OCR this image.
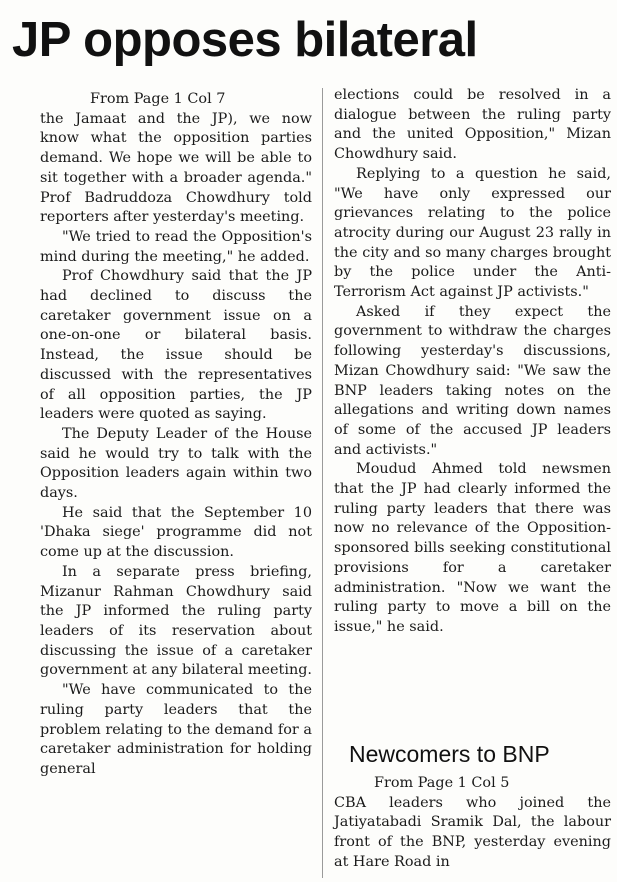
JP opposes bilateral

From Page 1 Col 7

the Jamaat and the JP), we now know what the opposition parties demand. We hope we will be able to sit together with a broader agenda." Prof Badruddoza Chowdhury told reporters after yesterday's meeting.

"We tried to read the Opposition's mind during the meeting," he added.

Prof Chowdhury said that the JP had declined to discuss the caretaker government issue on a one-on-one or bilateral basis. Instead, the issue should be discussed with the representatives of all opposition parties, the JP leaders were quoted as saying.

The Deputy Leader of the House said he would try to talk with the Opposition leaders again within two days.

He said that the September 10 'Dhaka siege' programme did not come up at the discussion.

In a separate press briefing, Mizanur Rahman Chowdhury said the JP informed the ruling party leaders of its reservation about discussing the issue of a caretaker government at any bilateral meeting.

"We have communicated to the ruling party leaders that the problem relating to the demand for a caretaker administration for holding general

elections could be resolved in a dialogue between the ruling party and the united Opposition," Mizan Chowdhury said.

Replying to a question he said, "We have only expressed our grievances relating to the police atrocity during our August 23 rally in the city and so many charges brought by the police under the Anti-Terrorism Act against JP activists."

Asked if they expect the government to withdraw the charges following yesterday's discussions, Mizan Chowdhury said: "We saw the BNP leaders taking notes on the allegations and writing down names of some of the accused JP leaders and activists."

Moudud Ahmed told newsmen that the JP had clearly informed the ruling party leaders that there was now no relevance of the Opposition-sponsored bills seeking constitutional provisions for a caretaker administration. "Now we want the ruling party to move a bill on the issue," he said.

Newcomers to BNP

From Page 1 Col 5

CBA leaders who joined the Jatiyatabadi Sramik Dal, the labour front of the BNP, yesterday evening at Hare Road in
